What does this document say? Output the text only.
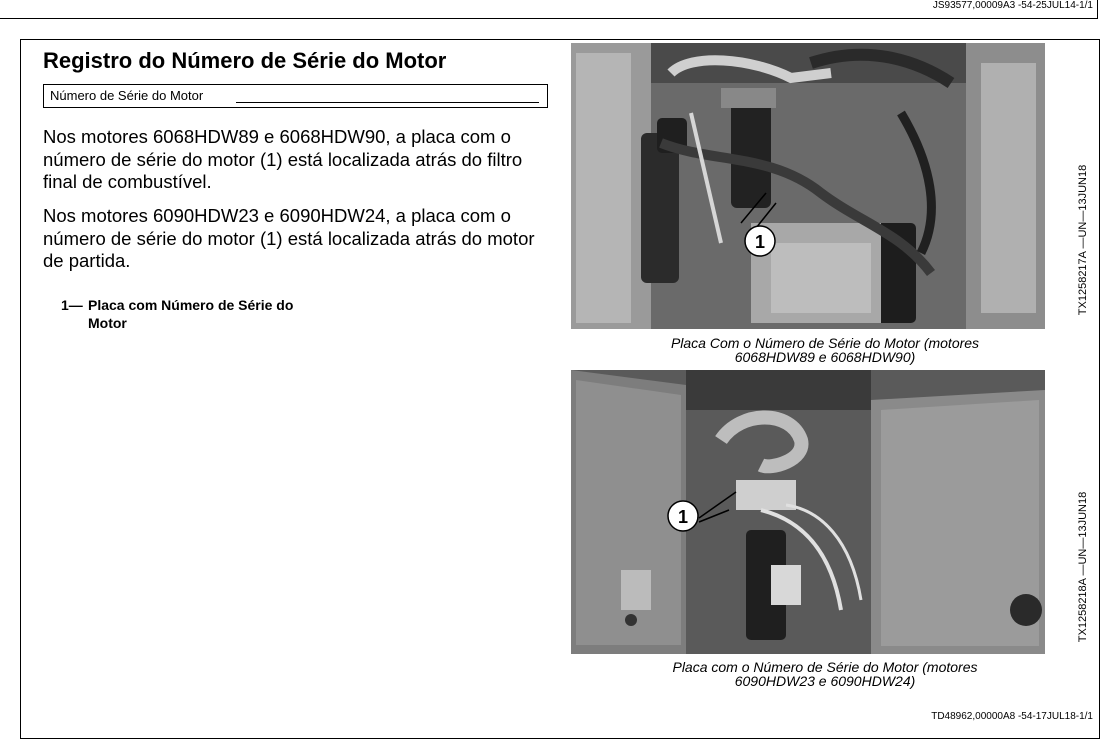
JS93577,00009A3 -54-25JUL14-1/1
Registro do Número de Série do Motor
Número de Série do Motor

Nos motores 6068HDW89 e 6068HDW90, a placa com o número de série do motor (1) está localizada atrás do filtro final de combustível.

Nos motores 6090HDW23 e 6090HDW24, a placa com o número de série do motor (1) está localizada atrás do motor de partida.

1— Placa com Número de Série do Motor
1
Placa Com o Número de Série do Motor (motores
6068HDW89 e 6068HDW90)
TX1258217A —UN—13JUN18
1
Placa com o Número de Série do Motor (motores
6090HDW23 e 6090HDW24)
TX1258218A —UN—13JUN18
TD48962,00000A8 -54-17JUL18-1/1
